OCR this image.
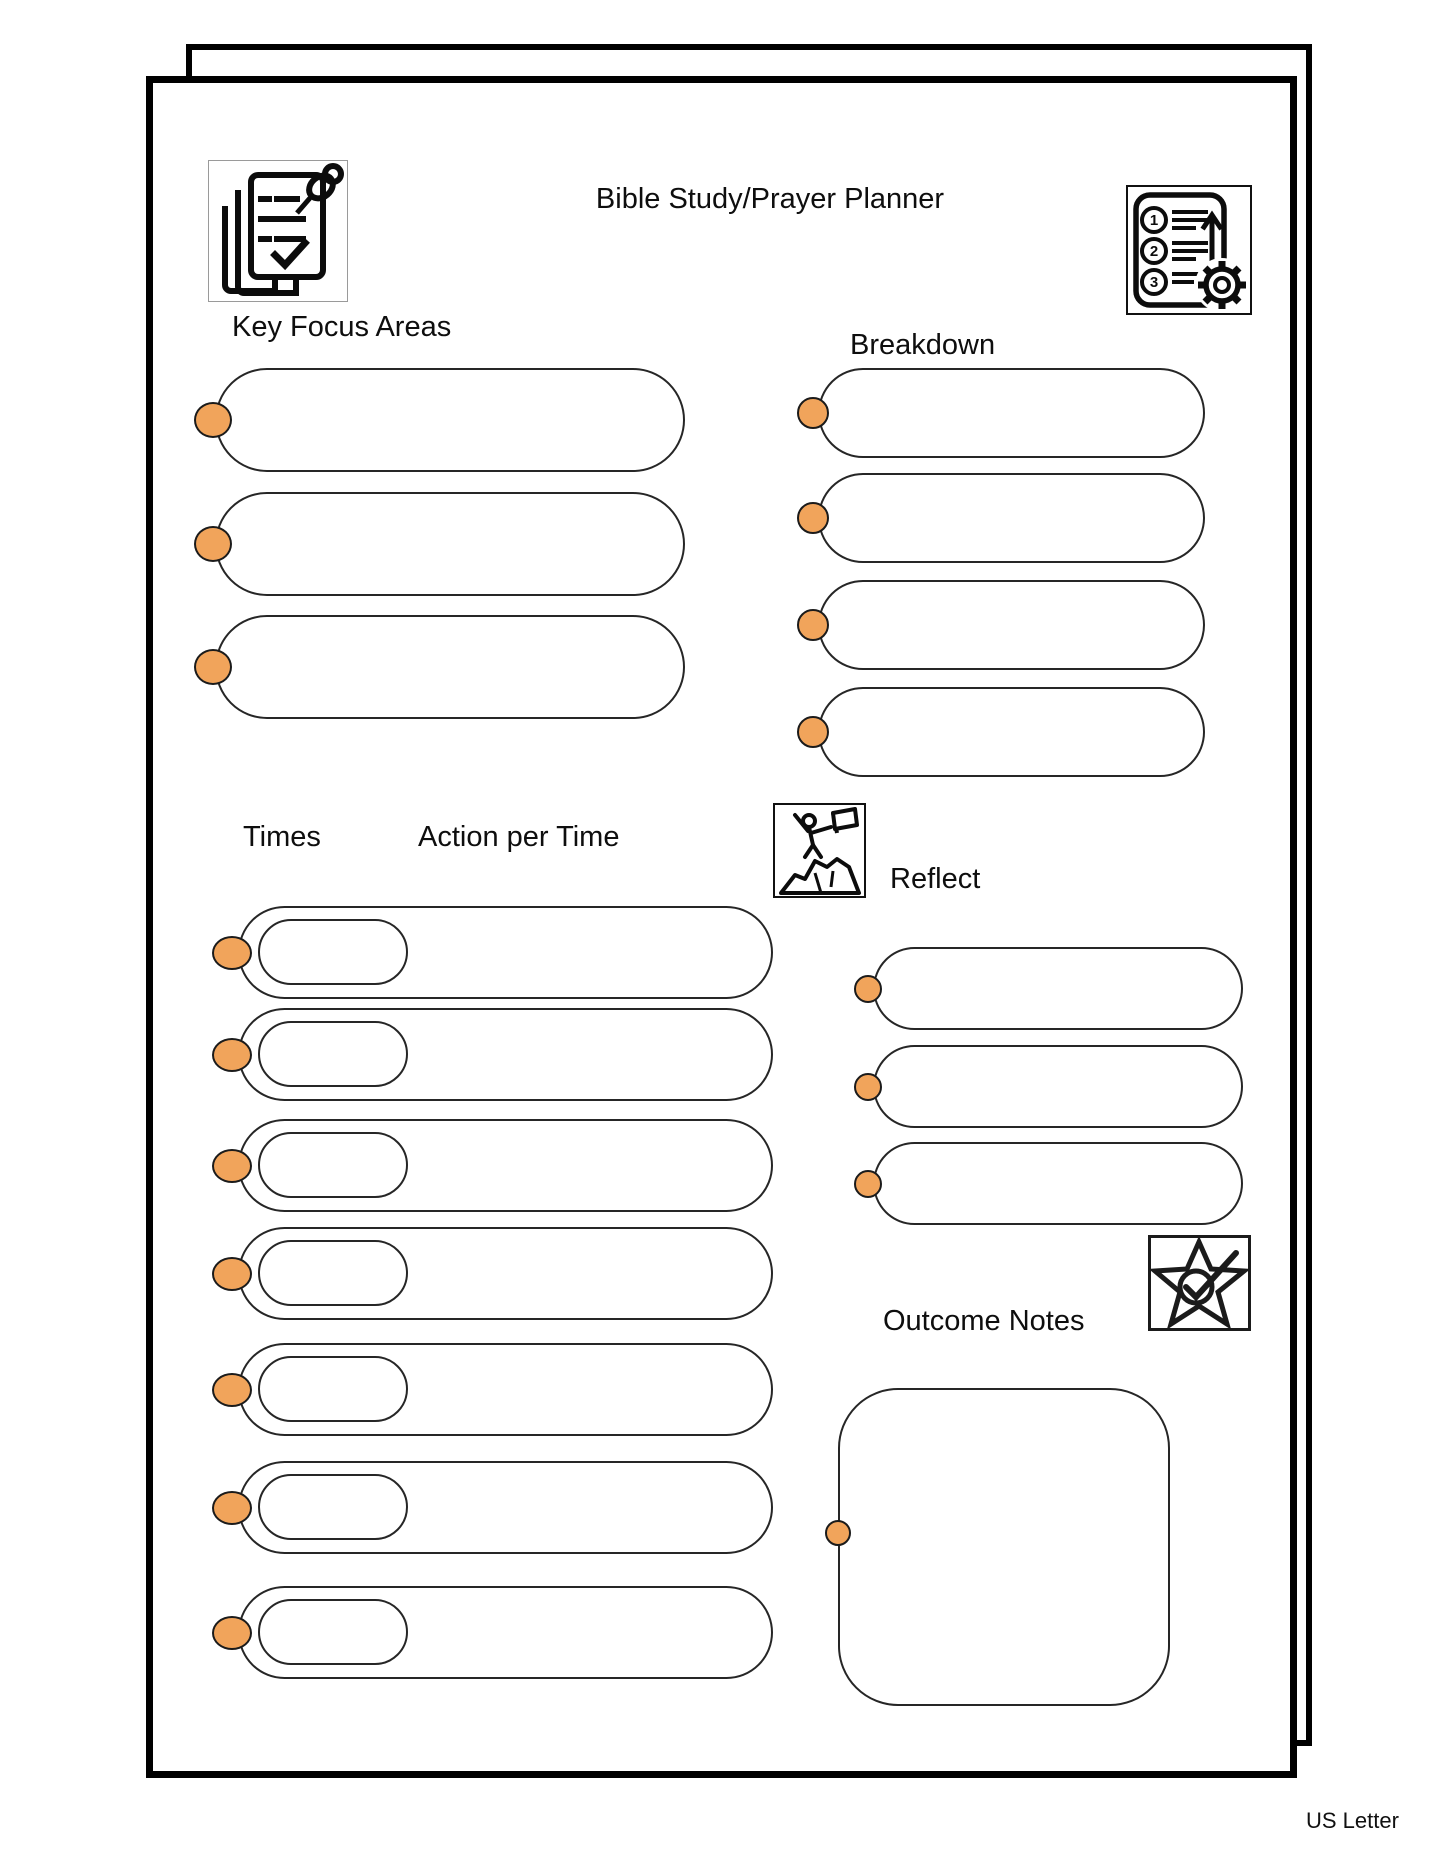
Bible Study/Prayer Planner
1
2
3
Key Focus Areas
Breakdown
Times	Action per Time
Reflect
Outcome Notes
US Letter
